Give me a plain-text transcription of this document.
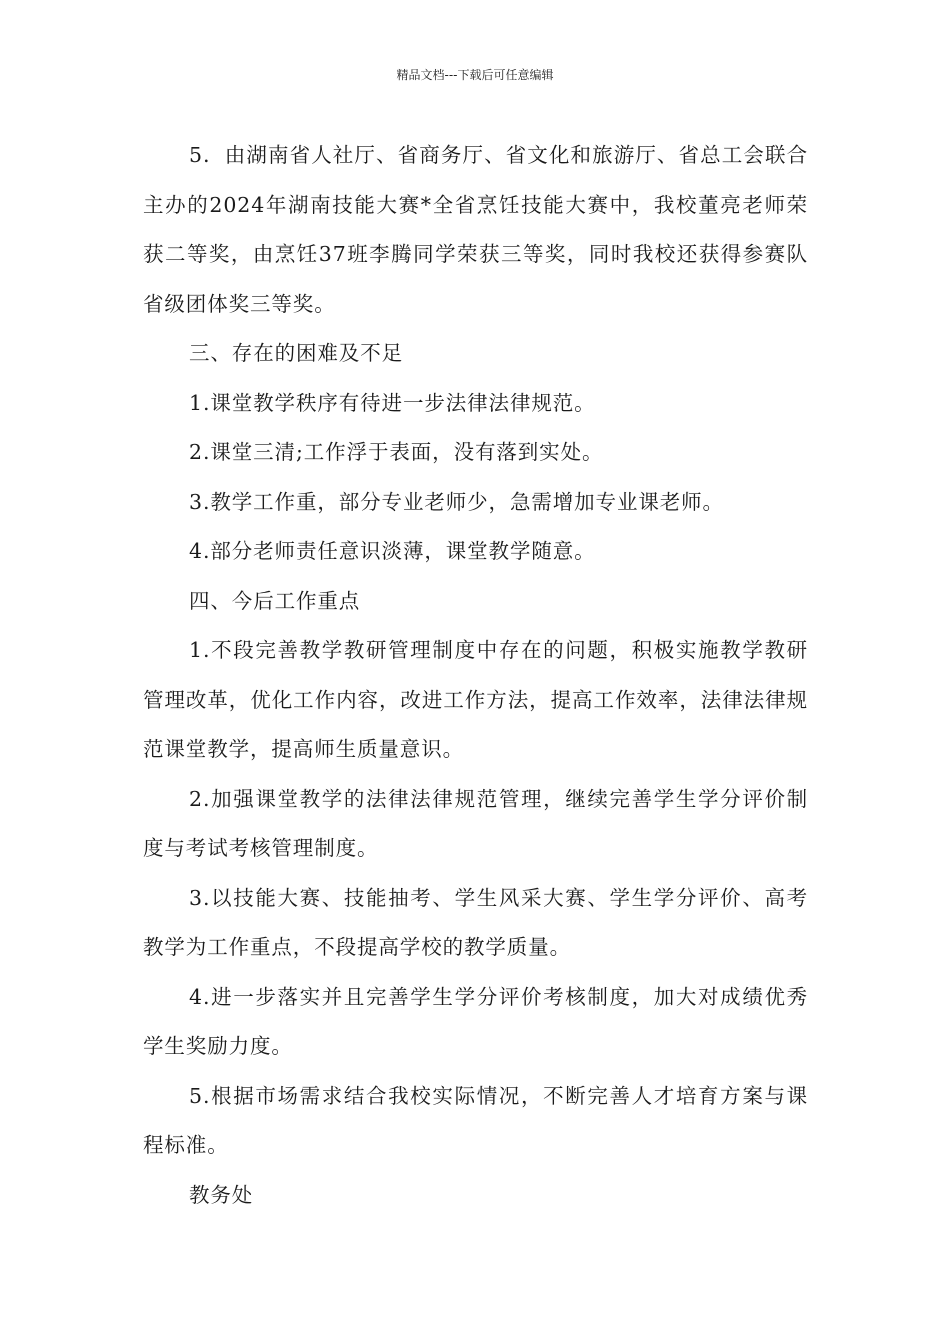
精品文档---下载后可任意编辑

5．由湖南省人社厅、省商务厅、省文化和旅游厅、省总工会联合主办的2024年湖南技能大赛*全省烹饪技能大赛中，我校董亮老师荣获二等奖，由烹饪37班李腾同学荣获三等奖，同时我校还获得参赛队省级团体奖三等奖。

三、存在的困难及不足

1.课堂教学秩序有待进一步法律法律规范。

2.课堂三清;工作浮于表面，没有落到实处。

3.教学工作重，部分专业老师少，急需增加专业课老师。

4.部分老师责任意识淡薄，课堂教学随意。

四、今后工作重点

1.不段完善教学教研管理制度中存在的问题，积极实施教学教研管理改革，优化工作内容，改进工作方法，提高工作效率，法律法律规范课堂教学，提高师生质量意识。

2.加强课堂教学的法律法律规范管理，继续完善学生学分评价制度与考试考核管理制度。

3.以技能大赛、技能抽考、学生风采大赛、学生学分评价、高考教学为工作重点，不段提高学校的教学质量。

4.进一步落实并且完善学生学分评价考核制度，加大对成绩优秀学生奖励力度。

5.根据市场需求结合我校实际情况，不断完善人才培育方案与课程标准。

教务处
